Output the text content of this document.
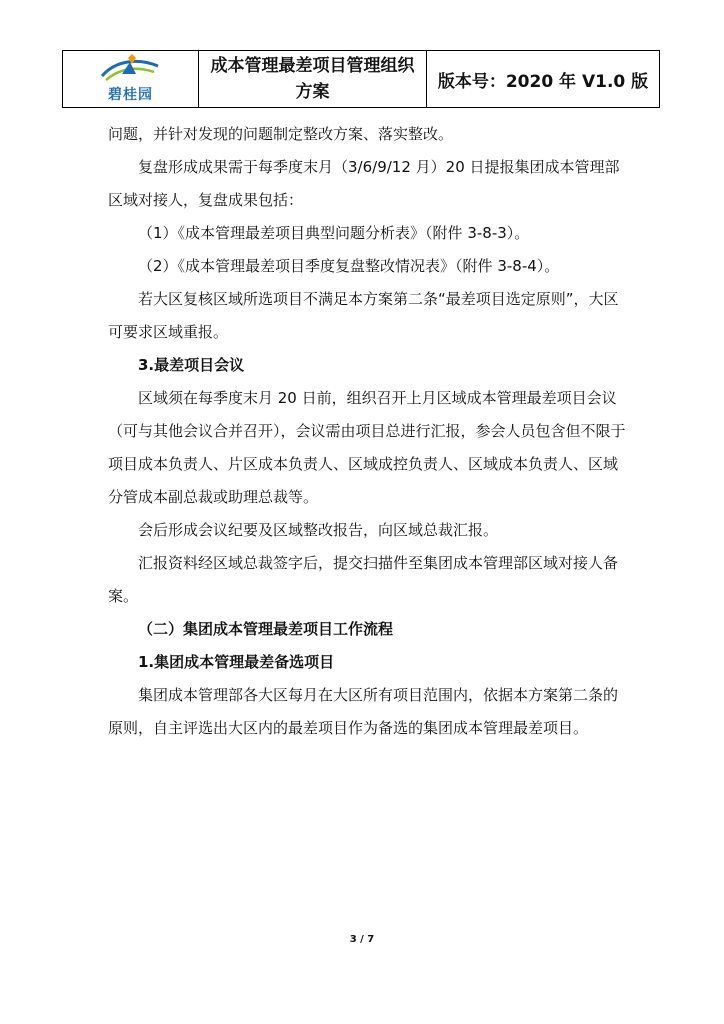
碧桂园
成本管理最差项目管理组织方案
版本号：2020 年 V1.0 版

问题，并针对发现的问题制定整改方案、落实整改。

复盘形成成果需于每季度末月（3/6/9/12 月）20 日提报集团成本管理部区域对接人，复盘成果包括：

（1）《成本管理最差项目典型问题分析表》（附件 3-8-3）。

（2）《成本管理最差项目季度复盘整改情况表》（附件 3-8-4）。

若大区复核区域所选项目不满足本方案第二条“最差项目选定原则”，大区可要求区域重报。

3.最差项目会议

区域须在每季度末月 20 日前，组织召开上月区域成本管理最差项目会议（可与其他会议合并召开），会议需由项目总进行汇报，参会人员包含但不限于项目成本负责人、片区成本负责人、区域成控负责人、区域成本负责人、区域分管成本副总裁或助理总裁等。

会后形成会议纪要及区域整改报告，向区域总裁汇报。

汇报资料经区域总裁签字后，提交扫描件至集团成本管理部区域对接人备案。

（二）集团成本管理最差项目工作流程

1.集团成本管理最差备选项目

集团成本管理部各大区每月在大区所有项目范围内，依据本方案第二条的原则，自主评选出大区内的最差项目作为备选的集团成本管理最差项目。

3 / 7
